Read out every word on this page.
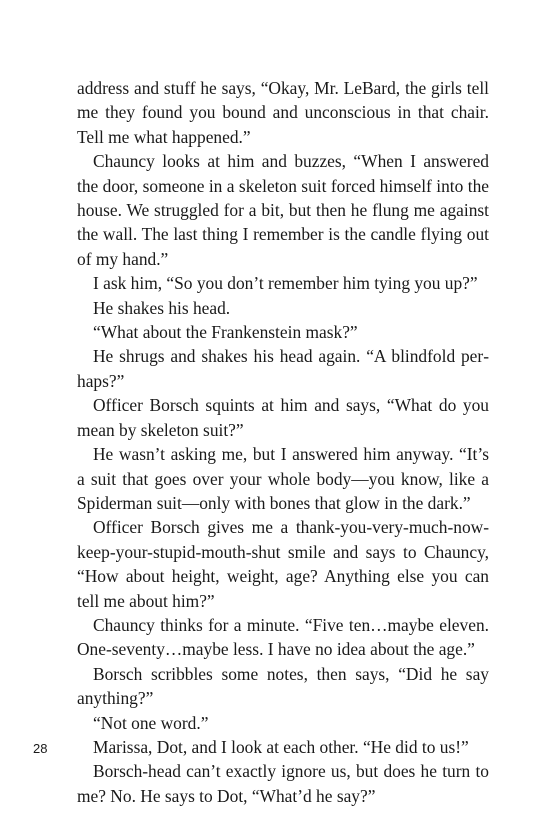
address and stuff he says, “Okay, Mr. LeBard, the girls tell me they found you bound and unconscious in that chair. Tell me what happened.”

Chauncy looks at him and buzzes, “When I answered the door, someone in a skeleton suit forced himself into the house. We struggled for a bit, but then he flung me against the wall. The last thing I remember is the candle flying out of my hand.”

I ask him, “So you don’t remember him tying you up?”

He shakes his head.

“What about the Frankenstein mask?”

He shrugs and shakes his head again. “A blindfold perhaps?”

Officer Borsch squints at him and says, “What do you mean by skeleton suit?”

He wasn’t asking me, but I answered him anyway. “It’s a suit that goes over your whole body—you know, like a Spiderman suit—only with bones that glow in the dark.”

Officer Borsch gives me a thank-you-very-much-now-keep-your-stupid-mouth-shut smile and says to Chauncy, “How about height, weight, age? Anything else you can tell me about him?”

Chauncy thinks for a minute. “Five ten…maybe eleven. One-seventy…maybe less. I have no idea about the age.”

Borsch scribbles some notes, then says, “Did he say anything?”

“Not one word.”

Marissa, Dot, and I look at each other. “He did to us!”

Borsch-head can’t exactly ignore us, but does he turn to me? No. He says to Dot, “What’d he say?”

28
